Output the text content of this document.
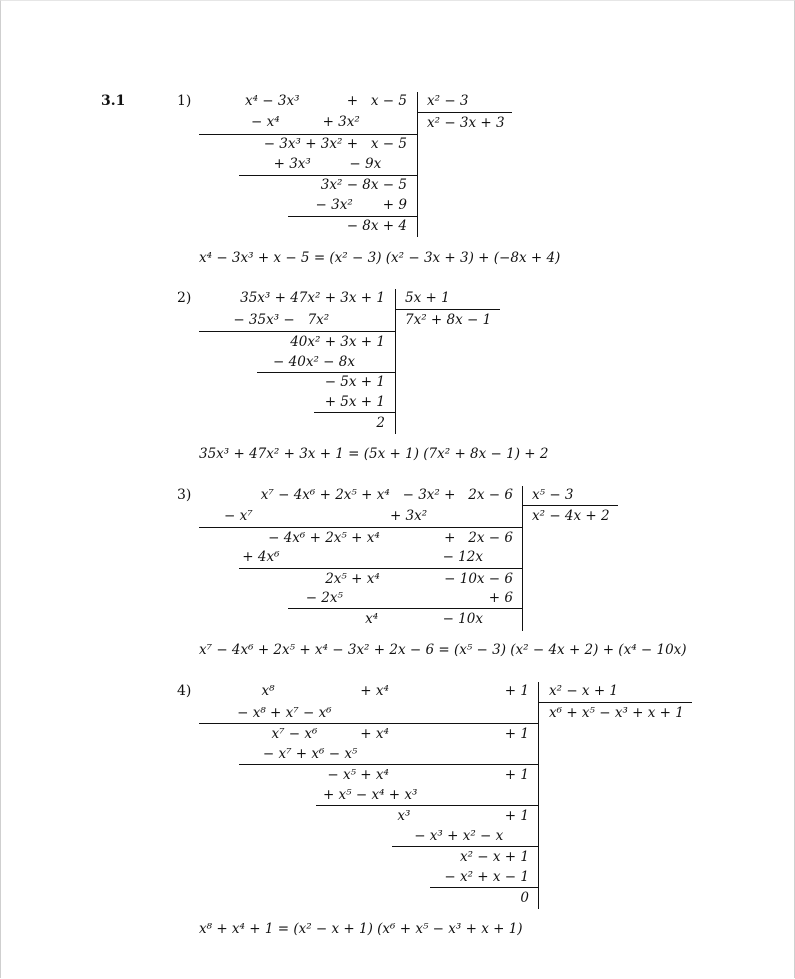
3.1	1)	x⁴ − 3x³           +   x − 5
− x⁴          + 3x²
− 3x³ + 3x² +   x − 5
+ 3x³         − 9x
3x² − 8x − 5
− 3x²       + 9
− 8x + 4
x² − 3
x² − 3x + 3
x⁴ − 3x³ + x − 5 = (x² − 3) (x² − 3x + 3) + (−8x + 4)
2)	35x³ + 47x² + 3x + 1
− 35x³ −   7x²
40x² + 3x + 1
− 40x² − 8x
− 5x + 1
+ 5x + 1
2
5x + 1
7x² + 8x − 1
35x³ + 47x² + 3x + 1 = (5x + 1) (7x² + 8x − 1) + 2
3)	x⁷ − 4x⁶ + 2x⁵ + x⁴   − 3x² +   2x − 6
− x⁷                                + 3x²
− 4x⁶ + 2x⁵ + x⁴               +   2x − 6
+ 4x⁶                                      − 12x
2x⁵ + x⁴               − 10x − 6
− 2x⁵                                  + 6
x⁴               − 10x
x⁵ − 3
x² − 4x + 2
x⁷ − 4x⁶ + 2x⁵ + x⁴ − 3x² + 2x − 6 = (x⁵ − 3) (x² − 4x + 2) + (x⁴ − 10x)
4)	x⁸                    + x⁴                           + 1
− x⁸ + x⁷ − x⁶
x⁷ − x⁶          + x⁴                           + 1
− x⁷ + x⁶ − x⁵
− x⁵ + x⁴                           + 1
+ x⁵ − x⁴ + x³
x³                      + 1
− x³ + x² − x
x² − x + 1
− x² + x − 1
0
x² − x + 1
x⁶ + x⁵ − x³ + x + 1
x⁸ + x⁴ + 1 = (x² − x + 1) (x⁶ + x⁵ − x³ + x + 1)
